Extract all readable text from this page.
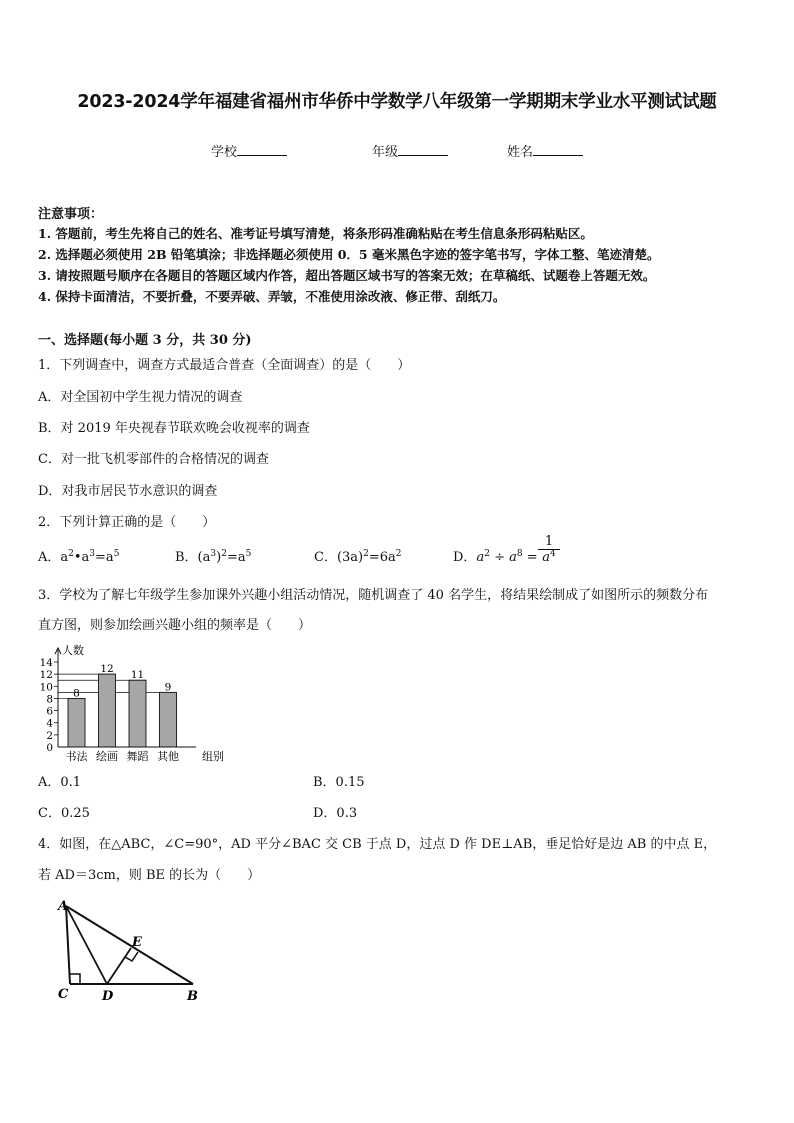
2023-2024学年福建省福州市华侨中学数学八年级第一学期期末学业水平测试试题
学校	年级	姓名
注意事项：
1. 答题前，考生先将自己的姓名、准考证号填写清楚，将条形码准确粘贴在考生信息条形码粘贴区。
2. 选择题必须使用 2B 铅笔填涂；非选择题必须使用 0．5 毫米黑色字迹的签字笔书写，字体工整、笔迹清楚。
3. 请按照题号顺序在各题目的答题区域内作答，超出答题区域书写的答案无效；在草稿纸、试题卷上答题无效。
4. 保持卡面清洁，不要折叠，不要弄破、弄皱，不准使用涂改液、修正带、刮纸刀。
一、选择题(每小题 3 分，共 30 分)
1．下列调查中，调查方式最适合普查（全面调查）的是（　　）
A．对全国初中学生视力情况的调查
B．对 2019 年央视春节联欢晚会收视率的调查
C．对一批飞机零部件的合格情况的调查
D．对我市居民节水意识的调查
2．下列计算正确的是（　　）
A．$a^2•a^3=a^5$	B．$(a^3)^2=a^5$	C．$(3a)^2=6a^2$	D．$a^2 \div a^8$ =
1
$a^4$
3．学校为了解七年级学生参加课外兴趣小组活动情况，随机调查了 40 名学生，将结果绘制成了如图所示的频数分布
直方图，则参加绘画兴趣小组的频率是（　　）
8
12
11
9
0
2
4
6
8
10
12
14
书法 绘画 舞蹈 其他
人数
组别
A．0.1	B．0.15
C．0.25	D．0.3
4．如图，在△ABC，∠C=90°，AD 平分∠BAC 交 CB 于点 D，过点 D 作 DE⊥AB，垂足恰好是边 AB 的中点 E，
若 AD＝3cm，则 BE 的长为（　　）
A
C	D
E
B
